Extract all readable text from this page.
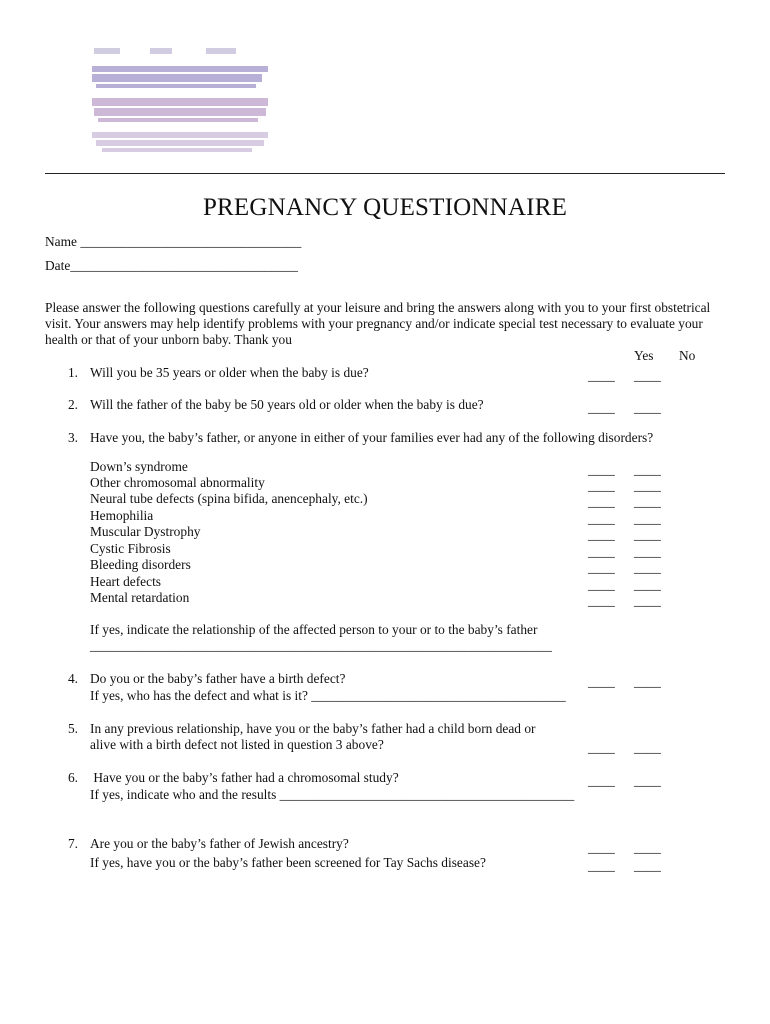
PREGNANCY QUESTIONNAIRE
Name _________________________________
Date__________________________________
Please answer the following questions carefully at your leisure and bring the answers along with you to your first obstetrical visit. Your answers may help identify problems with your pregnancy and/or indicate special test necessary to evaluate your health or that of your unborn baby. Thank you
Yes No
1. Will you be 35 years or older when the baby is due?	____ ____
2. Will the father of the baby be 50 years old or older when the baby is due?	____ ____
3. Have you, the baby’s father, or anyone in either of your families ever had any of the following disorders?
Down’s syndrome	____ ____
Other chromosomal abnormality	____ ____
Neural tube defects (spina bifida, anencephaly, etc.)	____ ____
Hemophilia	____ ____
Muscular Dystrophy	____ ____
Cystic Fibrosis	____ ____
Bleeding disorders	____ ____
Heart defects	____ ____
Mental retardation	____ ____
If yes, indicate the relationship of the affected person to your or to the baby’s father
_____________________________________________________________________
4. Do you or the baby’s father have a birth defect?	____ ____
If yes, who has the defect and what is it? ______________________________________
5. In any previous relationship, have you or the baby’s father had a child born dead or
alive with a birth defect not listed in question 3 above?	____ ____
6. Have you or the baby’s father had a chromosomal study?	____ ____
If yes, indicate who and the results ____________________________________________
7. Are you or the baby’s father of Jewish ancestry?	____ ____
If yes, have you or the baby’s father been screened for Tay Sachs disease?	____ ____
